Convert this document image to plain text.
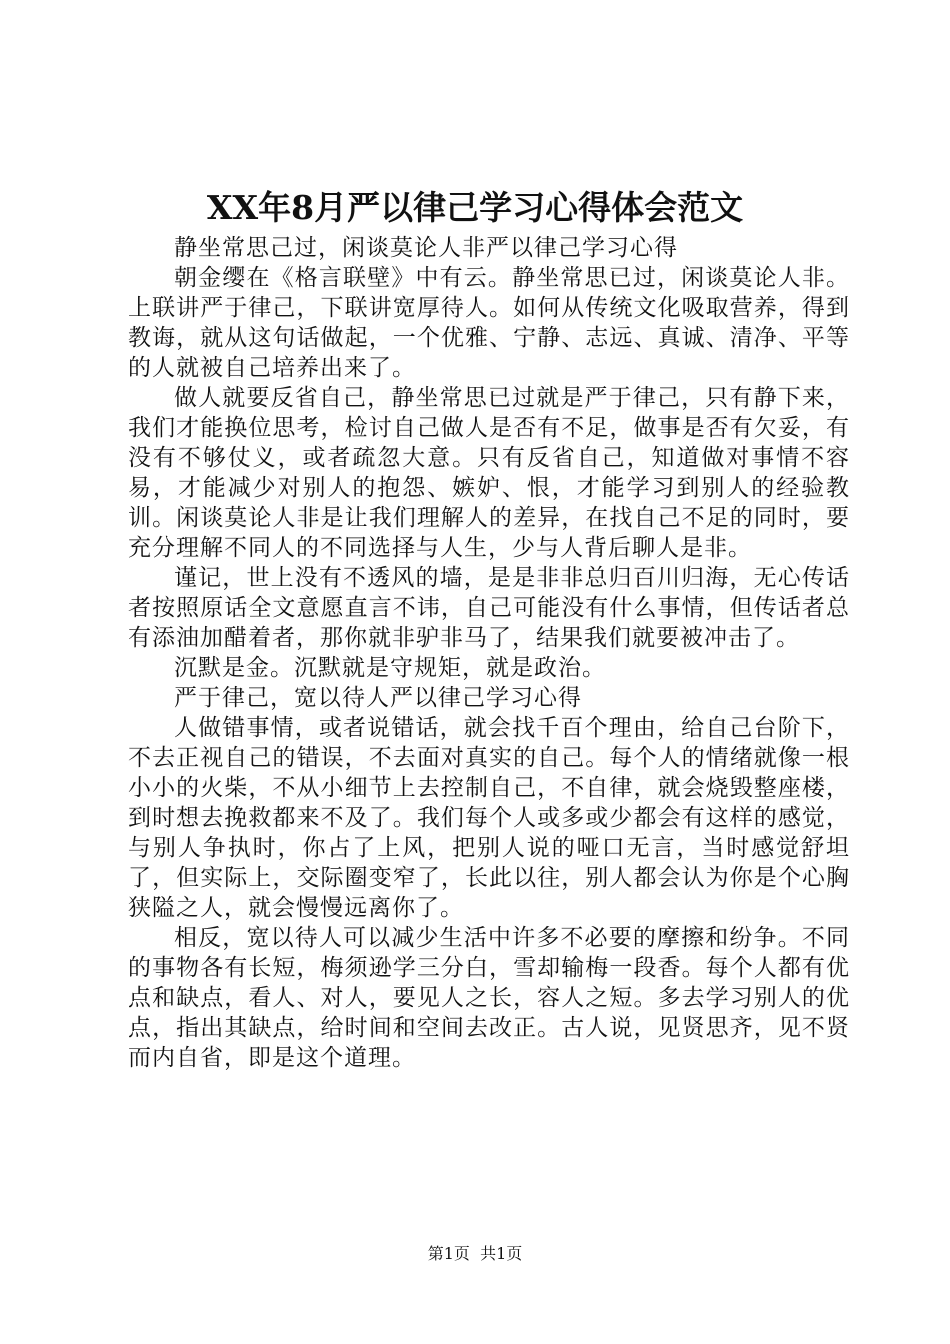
XX年8月严以律己学习心得体会范文

静坐常思己过，闲谈莫论人非严以律己学习心得

朝金缨在《格言联壁》中有云。静坐常思已过，闲谈莫论人非。上联讲严于律己，下联讲宽厚待人。如何从传统文化吸取营养，得到教诲，就从这句话做起，一个优雅、宁静、志远、真诚、清净、平等的人就被自己培养出来了。

做人就要反省自己，静坐常思已过就是严于律己，只有静下来，我们才能换位思考，检讨自己做人是否有不足，做事是否有欠妥，有没有不够仗义，或者疏忽大意。只有反省自己，知道做对事情不容易，才能减少对别人的抱怨、嫉妒、恨，才能学习到别人的经验教训。闲谈莫论人非是让我们理解人的差异，在找自己不足的同时，要充分理解不同人的不同选择与人生，少与人背后聊人是非。

谨记，世上没有不透风的墙，是是非非总归百川归海，无心传话者按照原话全文意愿直言不讳，自己可能没有什么事情，但传话者总有添油加醋着者，那你就非驴非马了，结果我们就要被冲击了。

沉默是金。沉默就是守规矩，就是政治。

严于律己，宽以待人严以律己学习心得

人做错事情，或者说错话，就会找千百个理由，给自己台阶下，不去正视自己的错误，不去面对真实的自己。每个人的情绪就像一根小小的火柴，不从小细节上去控制自己，不自律，就会烧毁整座楼，到时想去挽救都来不及了。我们每个人或多或少都会有这样的感觉，与别人争执时，你占了上风，把别人说的哑口无言，当时感觉舒坦了，但实际上，交际圈变窄了，长此以往，别人都会认为你是个心胸狭隘之人，就会慢慢远离你了。

相反，宽以待人可以减少生活中许多不必要的摩擦和纷争。不同的事物各有长短，梅须逊学三分白，雪却输梅一段香。每个人都有优点和缺点，看人、对人，要见人之长，容人之短。多去学习别人的优点，指出其缺点，给时间和空间去改正。古人说，见贤思齐，见不贤而内自省，即是这个道理。

第1页 共1页
